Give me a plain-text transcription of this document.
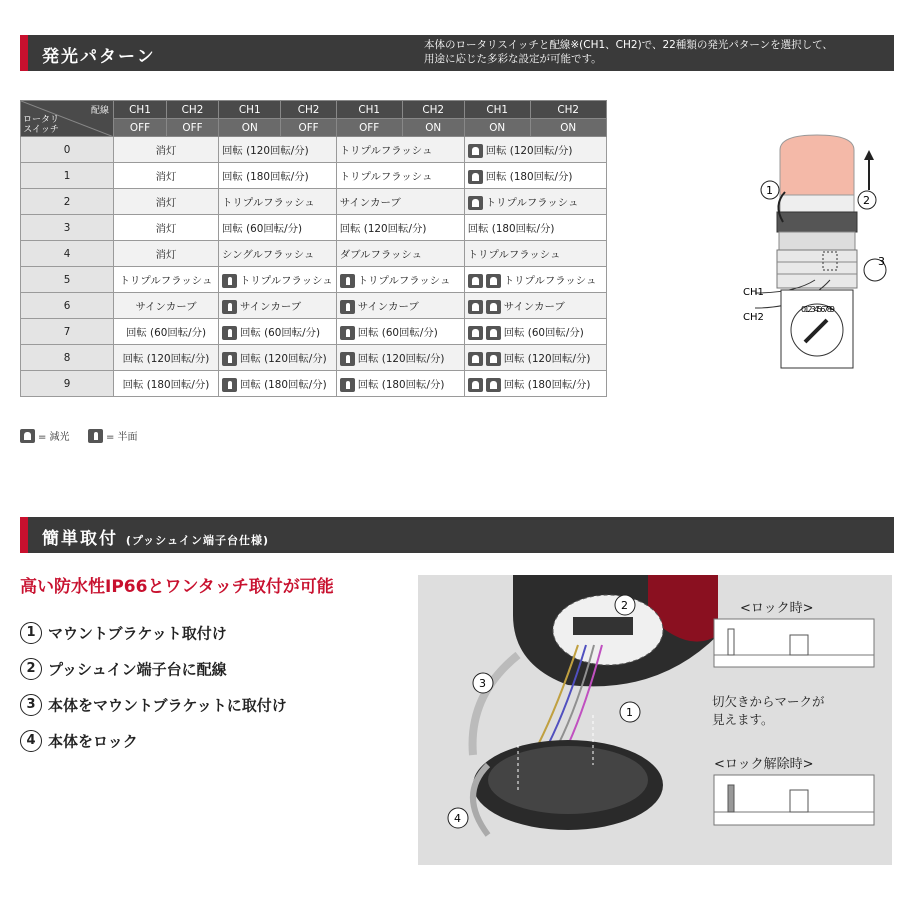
発光パターン
本体のロータリスイッチと配線※(CH1、CH2)で、22種類の発光パターンを選択して、
用途に応じた多彩な設定が可能です。
配線
ロータリ
スイッチ	CH1	CH2	CH1	CH2	CH1	CH2	CH1	CH2
	OFF	OFF	ON	OFF	OFF	ON	ON	ON
0	消灯		回転 (120回転/分)		トリプルフラッシュ		回転 (120回転/分)	
1	消灯		回転 (180回転/分)		トリプルフラッシュ		回転 (180回転/分)	
2	消灯		トリプルフラッシュ		サインカーブ		トリプルフラッシュ	
3	消灯		回転 (60回転/分)		回転 (120回転/分)		回転 (180回転/分)	
4	消灯		シングルフラッシュ		ダブルフラッシュ		トリプルフラッシュ	
5	トリプルフラッシュ		トリプルフラッシュ		トリプルフラッシュ		トリプルフラッシュ	
6	サインカーブ		サインカーブ		サインカーブ		サインカーブ	
7	回転 (60回転/分)		回転 (60回転/分)		回転 (60回転/分)		回転 (60回転/分)	
8	回転 (120回転/分)		回転 (120回転/分)		回転 (120回転/分)		回転 (120回転/分)	
9	回転 (180回転/分)		回転 (180回転/分)		回転 (180回転/分)		回転 (180回転/分)	
= 減光	= 半面
CH1
CH2
1
2
3
0 1 2 3 4 5 6 7 8 9
簡単取付 (プッシュイン端子台仕様)
高い防水性IP66とワンタッチ取付が可能
1 マウントブラケット取付け
2 プッシュイン端子台に配線
3 本体をマウントブラケットに取付け
4 本体をロック
2
1
3
4
<ロック時>
切欠きからマークが
見えます。
<ロック解除時>
